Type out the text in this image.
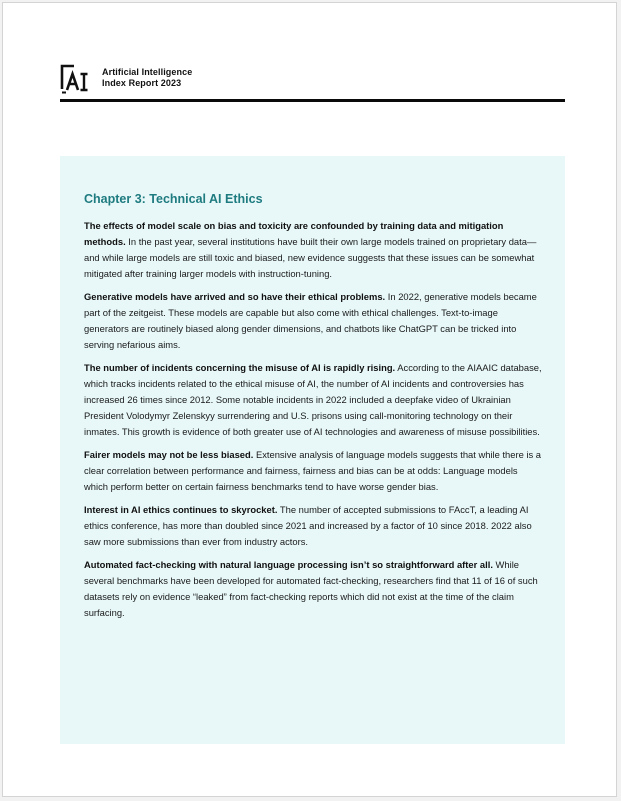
Artificial Intelligence
Index Report 2023
Chapter 3: Technical AI Ethics

The effects of model scale on bias and toxicity are confounded by training data and mitigation methods. In the past year, several institutions have built their own large models trained on proprietary data—and while large models are still toxic and biased, new evidence suggests that these issues can be somewhat mitigated after training larger models with instruction-tuning.

Generative models have arrived and so have their ethical problems. In 2022, generative models became part of the zeitgeist. These models are capable but also come with ethical challenges. Text-to-image generators are routinely biased along gender dimensions, and chatbots like ChatGPT can be tricked into serving nefarious aims.

The number of incidents concerning the misuse of AI is rapidly rising. According to the AIAAIC database, which tracks incidents related to the ethical misuse of AI, the number of AI incidents and controversies has increased 26 times since 2012. Some notable incidents in 2022 included a deepfake video of Ukrainian President Volodymyr Zelenskyy surrendering and U.S. prisons using call-monitoring technology on their inmates. This growth is evidence of both greater use of AI technologies and awareness of misuse possibilities.

Fairer models may not be less biased. Extensive analysis of language models suggests that while there is a clear correlation between performance and fairness, fairness and bias can be at odds: Language models which perform better on certain fairness benchmarks tend to have worse gender bias.

Interest in AI ethics continues to skyrocket. The number of accepted submissions to FAccT, a leading AI ethics conference, has more than doubled since 2021 and increased by a factor of 10 since 2018. 2022 also saw more submissions than ever from industry actors.

Automated fact-checking with natural language processing isn’t so straightforward after all. While several benchmarks have been developed for automated fact-checking, researchers find that 11 of 16 of such datasets rely on evidence “leaked” from fact-checking reports which did not exist at the time of the claim surfacing.
